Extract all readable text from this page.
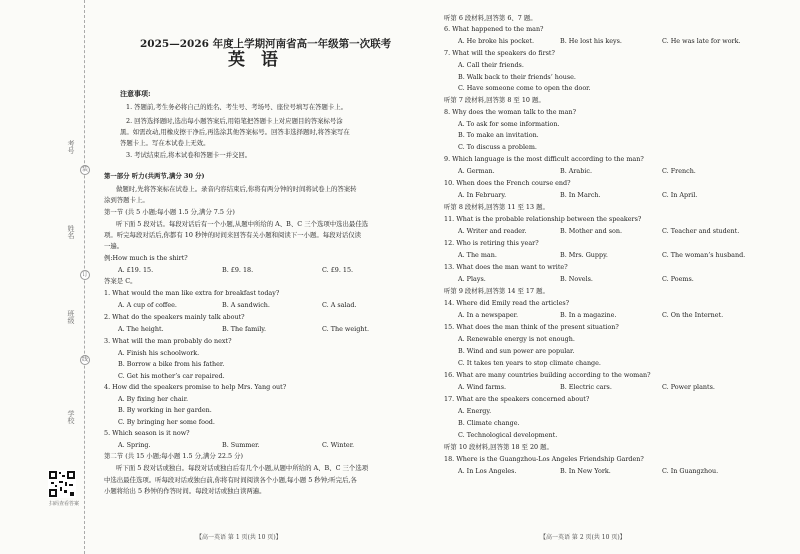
考号
姓名
班级
学校
装
订
线
扫码查看答案
2025—2026 年度上学期河南省高一年级第一次联考
英语
注意事项:
1. 答题前,考生务必将自己的姓名、考生号、考场号、座位号填写在答题卡上。
2. 回答选择题时,选出每小题答案后,用铅笔把答题卡上对应题目的答案标号涂
黑。如需改动,用橡皮擦干净后,再选涂其他答案标号。回答非选择题时,将答案写在
答题卡上。写在本试卷上无效。
3. 考试结束后,将本试卷和答题卡一并交回。
第一部分 听力(共两节,满分 30 分)
做题时,先将答案标在试卷上。录音内容结束后,你将有两分钟的时间将试卷上的答案转
涂到答题卡上。
第一节 (共 5 小题;每小题 1.5 分,满分 7.5 分)
听下面 5 段对话。每段对话后有一个小题,从题中所给的 A、B、C 三个选项中选出最佳选
项。听完每段对话后,你都有 10 秒钟的时间来回答有关小题和阅读下一小题。每段对话仅读
一遍。
例:How much is the shirt?
A. £19. 15.	B. £9. 18.	C. £9. 15.
答案是 C。
1. What would the man like extra for breakfast today?
A. A cup of coffee.	B. A sandwich.	C. A salad.
2. What do the speakers mainly talk about?
A. The height.	B. The family.	C. The weight.
3. What will the man probably do next?
A. Finish his schoolwork.
B. Borrow a bike from his father.
C. Get his mother’s car repaired.
4. How did the speakers promise to help Mrs. Yang out?
A. By fixing her chair.
B. By working in her garden.
C. By bringing her some food.
5. Which season is it now?
A. Spring.	B. Summer.	C. Winter.
第二节 (共 15 小题;每小题 1.5 分,满分 22.5 分)
听下面 5 段对话或独白。每段对话或独白后有几个小题,从题中所给的 A、B、C 三个选项
中选出最佳选项。听每段对话或独白前,你将有时间阅读各个小题,每小题 5 秒钟;听完后,各
小题将给出 5 秒钟的作答时间。每段对话或独白读两遍。
【高一英语 第 1 页(共 10 页)】
听第 6 段材料,回答第 6、7 题。
6. What happened to the man?
A. He broke his pocket.	B. He lost his keys.	C. He was late for work.
7. What will the speakers do first?
A. Call their friends.
B. Walk back to their friends’ house.
C. Have someone come to open the door.
听第 7 段材料,回答第 8 至 10 题。
8. Why does the woman talk to the man?
A. To ask for some information.
B. To make an invitation.
C. To discuss a problem.
9. Which language is the most difficult according to the man?
A. German.	B. Arabic.	C. French.
10. When does the French course end?
A. In February.	B. In March.	C. In April.
听第 8 段材料,回答第 11 至 13 题。
11. What is the probable relationship between the speakers?
A. Writer and reader.	B. Mother and son.	C. Teacher and student.
12. Who is retiring this year?
A. The man.	B. Mrs. Guppy.	C. The woman’s husband.
13. What does the man want to write?
A. Plays.	B. Novels.	C. Poems.
听第 9 段材料,回答第 14 至 17 题。
14. Where did Emily read the articles?
A. In a newspaper.	B. In a magazine.	C. On the Internet.
15. What does the man think of the present situation?
A. Renewable energy is not enough.
B. Wind and sun power are popular.
C. It takes ten years to stop climate change.
16. What are many countries building according to the woman?
A. Wind farms.	B. Electric cars.	C. Power plants.
17. What are the speakers concerned about?
A. Energy.
B. Climate change.
C. Technological development.
听第 10 段材料,回答第 18 至 20 题。
18. Where is the Guangzhou-Los Angeles Friendship Garden?
A. In Los Angeles.	B. In New York.	C. In Guangzhou.
【高一英语 第 2 页(共 10 页)】
